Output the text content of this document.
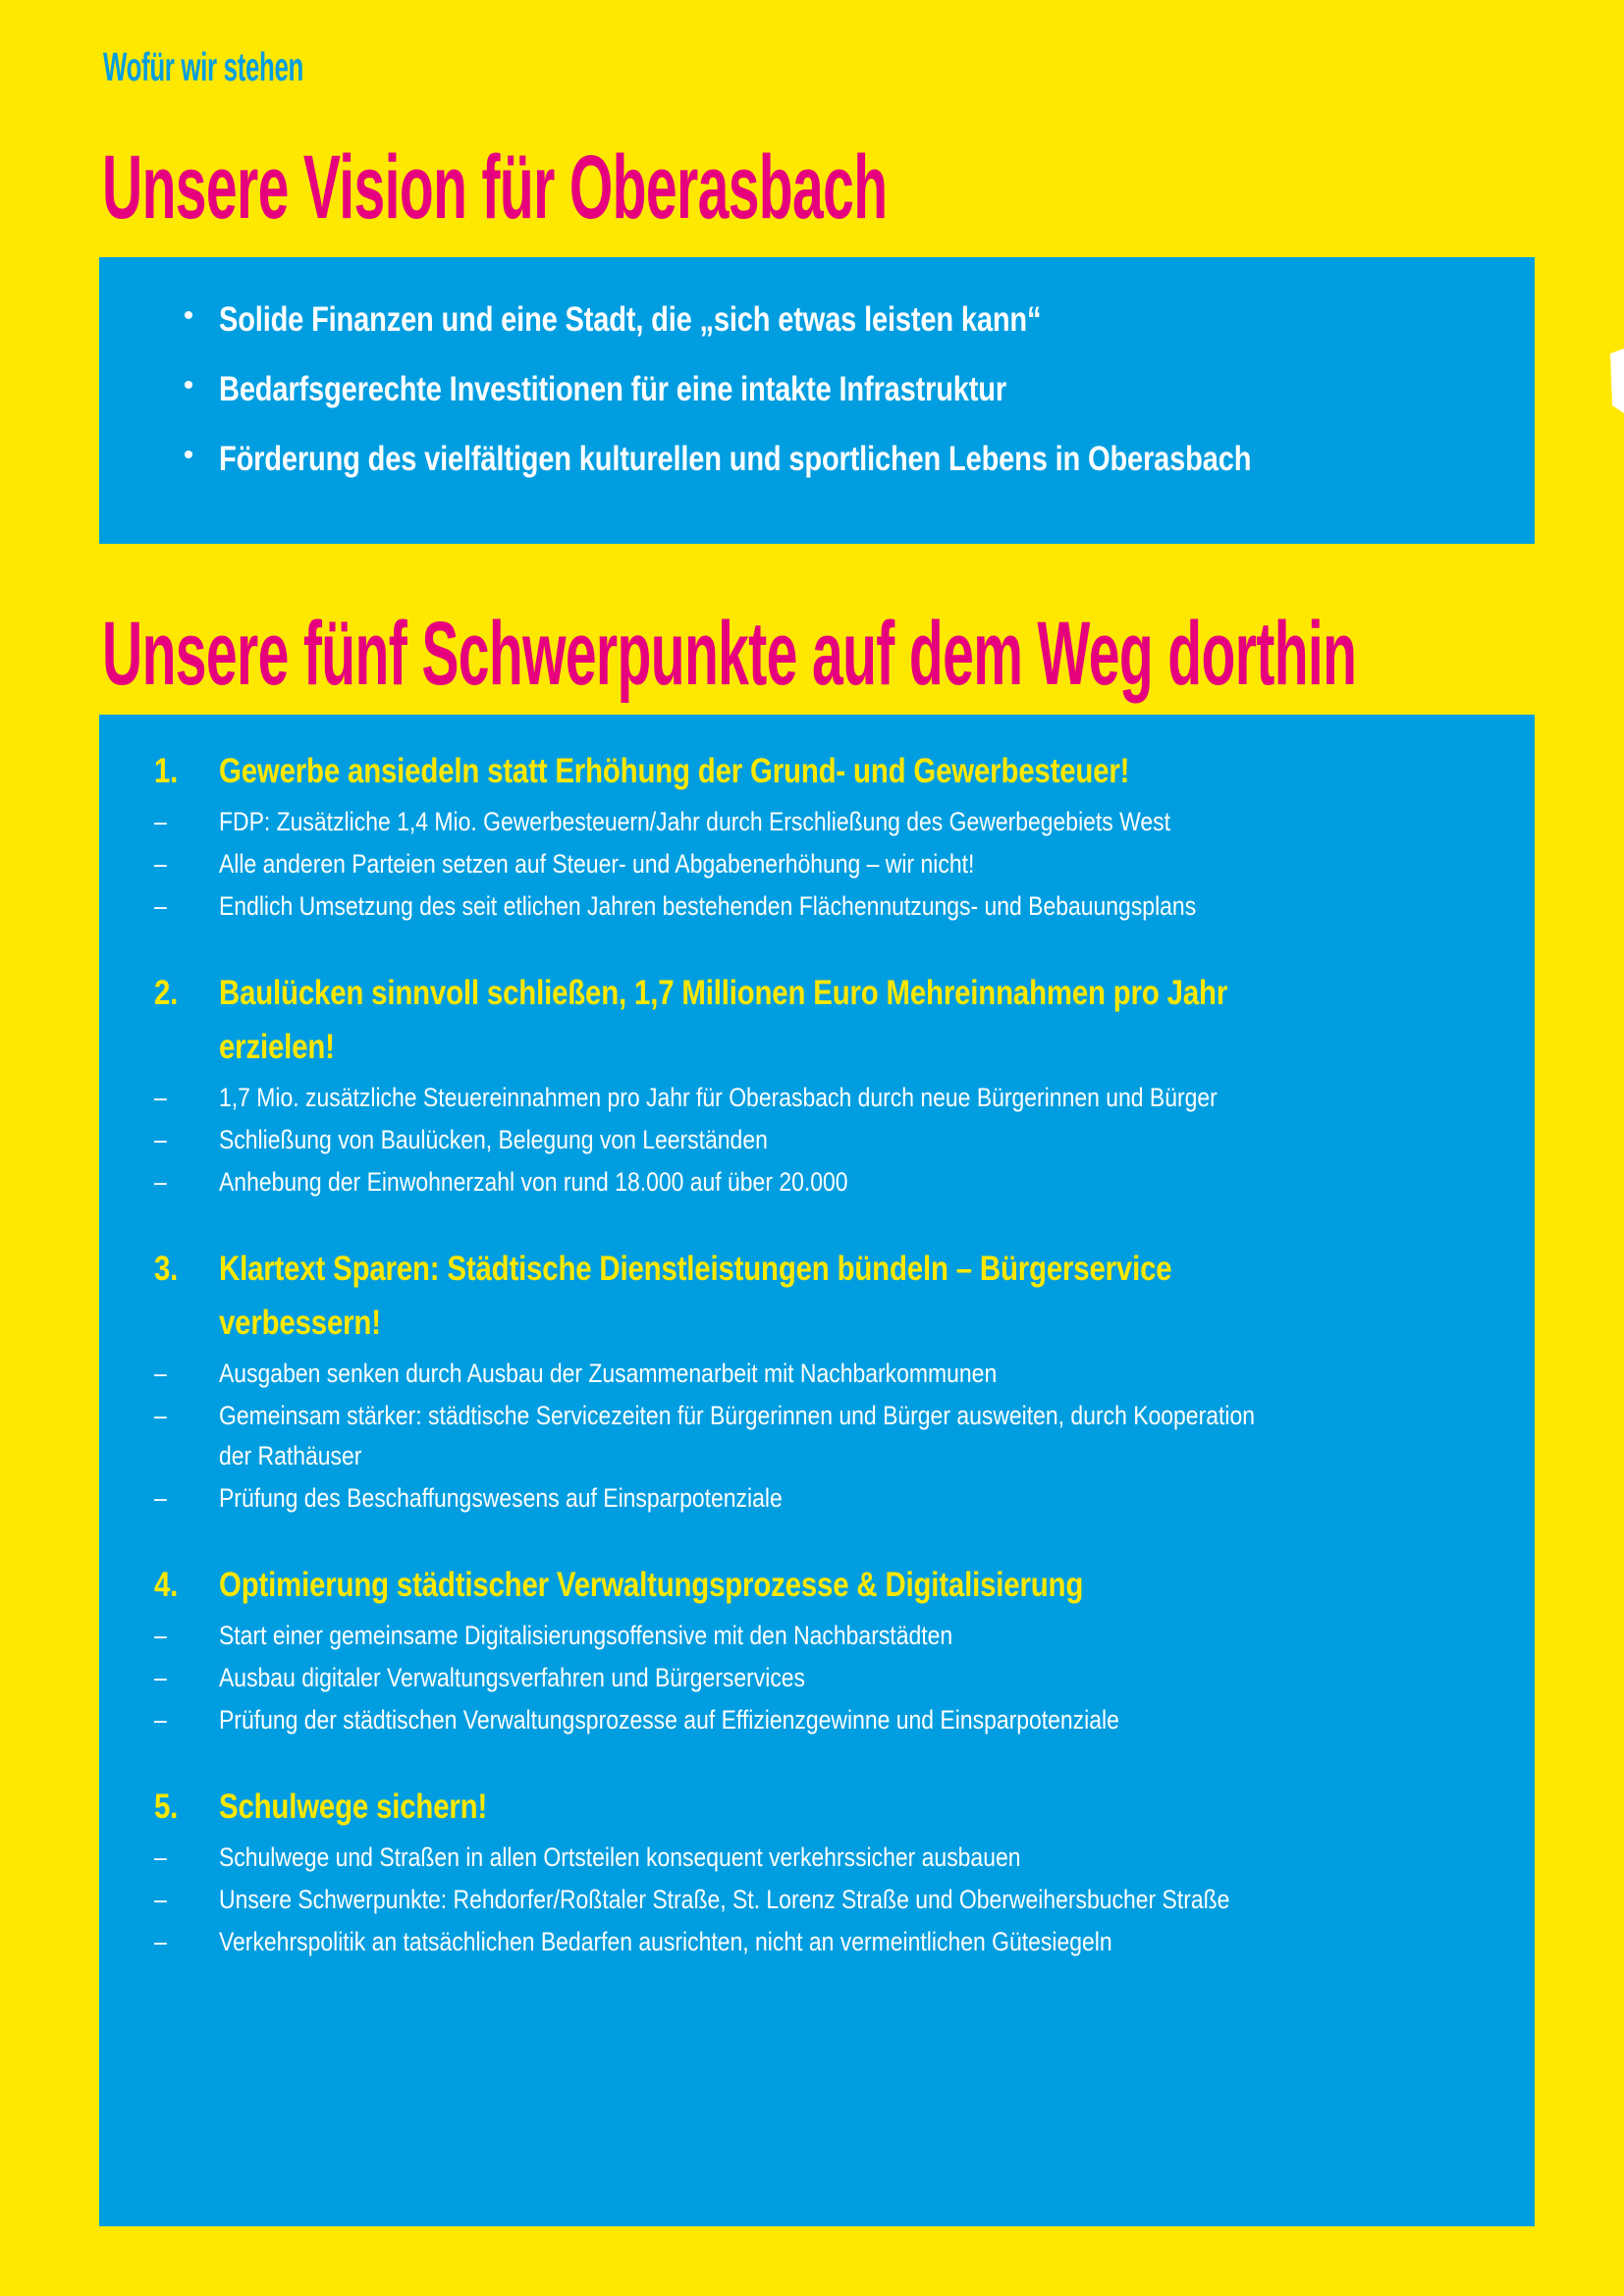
Wofür wir stehen
Unsere Vision für Oberasbach
• Solide Finanzen und eine Stadt, die „sich etwas leisten kann“
• Bedarfsgerechte Investitionen für eine intakte Infrastruktur
• Förderung des vielfältigen kulturellen und sportlichen Lebens in Oberasbach
Unsere fünf Schwerpunkte auf dem Weg dorthin
1.	Gewerbe ansiedeln statt Erhöhung der Grund- und Gewerbesteuer!
–	FDP: Zusätzliche 1,4 Mio. Gewerbesteuern/Jahr durch Erschließung des Gewerbegebiets West
–	Alle anderen Parteien setzen auf Steuer- und Abgabenerhöhung – wir nicht!
–	Endlich Umsetzung des seit etlichen Jahren bestehenden Flächennutzungs- und Bebauungsplans
2.	Baulücken sinnvoll schließen, 1,7 Millionen Euro Mehreinnahmen pro Jahr erzielen!
–	1,7 Mio. zusätzliche Steuereinnahmen pro Jahr für Oberasbach durch neue Bürgerinnen und Bürger
–	Schließung von Baulücken, Belegung von Leerständen
–	Anhebung der Einwohnerzahl von rund 18.000 auf über 20.000
3.	Klartext Sparen: Städtische Dienstleistungen bündeln – Bürgerservice verbessern!
–	Ausgaben senken durch Ausbau der Zusammenarbeit mit Nachbarkommunen
–	Gemeinsam stärker: städtische Servicezeiten für Bürgerinnen und Bürger ausweiten, durch Kooperation der Rathäuser
–	Prüfung des Beschaffungswesens auf Einsparpotenziale
4.	Optimierung städtischer Verwaltungsprozesse & Digitalisierung
–	Start einer gemeinsame Digitalisierungsoffensive mit den Nachbarstädten
–	Ausbau digitaler Verwaltungsverfahren und Bürgerservices
–	Prüfung der städtischen Verwaltungsprozesse auf Effizienzgewinne und Einsparpotenziale
5.	Schulwege sichern!
–	Schulwege und Straßen in allen Ortsteilen konsequent verkehrssicher ausbauen
–	Unsere Schwerpunkte: Rehdorfer/Roßtaler Straße, St. Lorenz Straße und Oberweihersbucher Straße
–	Verkehrspolitik an tatsächlichen Bedarfen ausrichten, nicht an vermeintlichen Gütesiegeln
